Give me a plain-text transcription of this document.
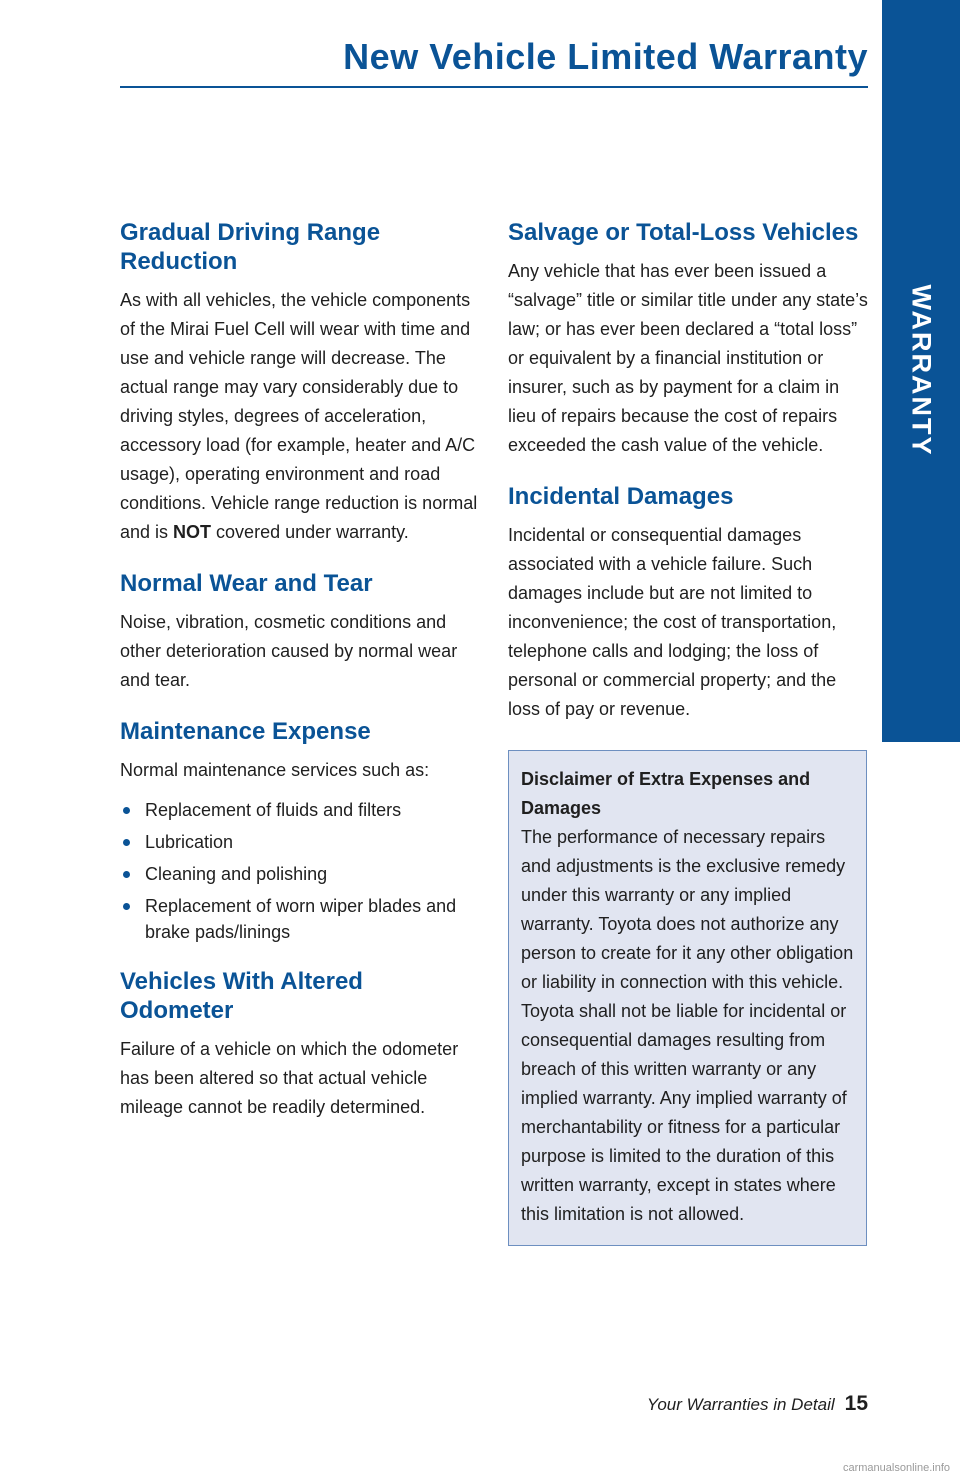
WARRANTY
New Vehicle Limited Warranty
Gradual Driving Range Reduction

As with all vehicles, the vehicle components of the Mirai Fuel Cell will wear with time and use and vehicle range will decrease. The actual range may vary considerably due to driving styles, degrees of acceleration, accessory load (for example, heater and A/C usage), operating environment and road conditions. Vehicle range reduction is normal and is NOT covered under warranty.

Normal Wear and Tear

Noise, vibration, cosmetic conditions and other deterioration caused by normal wear and tear.

Maintenance Expense

Normal maintenance services such as:

Replacement of fluids and filters
Lubrication
Cleaning and polishing
Replacement of worn wiper blades and brake pads/linings
Vehicles With Altered Odometer

Failure of a vehicle on which the odometer has been altered so that actual vehicle mileage cannot be readily determined.

Salvage or Total-Loss Vehicles

Any vehicle that has ever been issued a “salvage” title or similar title under any state’s law; or has ever been declared a “total loss” or equivalent by a financial institution or insurer, such as by payment for a claim in lieu of repairs because the cost of repairs exceeded the cash value of the vehicle.

Incidental Damages

Incidental or consequential damages associated with a vehicle failure. Such damages include but are not limited to inconvenience; the cost of transportation, telephone calls and lodging; the loss of personal or commercial property; and the loss of pay or revenue.

Disclaimer of Extra Expenses and Damages
The performance of necessary repairs and adjustments is the exclusive remedy under this warranty or any implied warranty. Toyota does not authorize any person to create for it any other obligation or liability in connection with this vehicle. Toyota shall not be liable for incidental or consequential damages resulting from breach of this written warranty or any implied warranty. Any implied warranty of merchantability or fitness for a particular purpose is limited to the duration of this written warranty, except in states where this limitation is not allowed.
Your Warranties in Detail 15
carmanualsonline.info
